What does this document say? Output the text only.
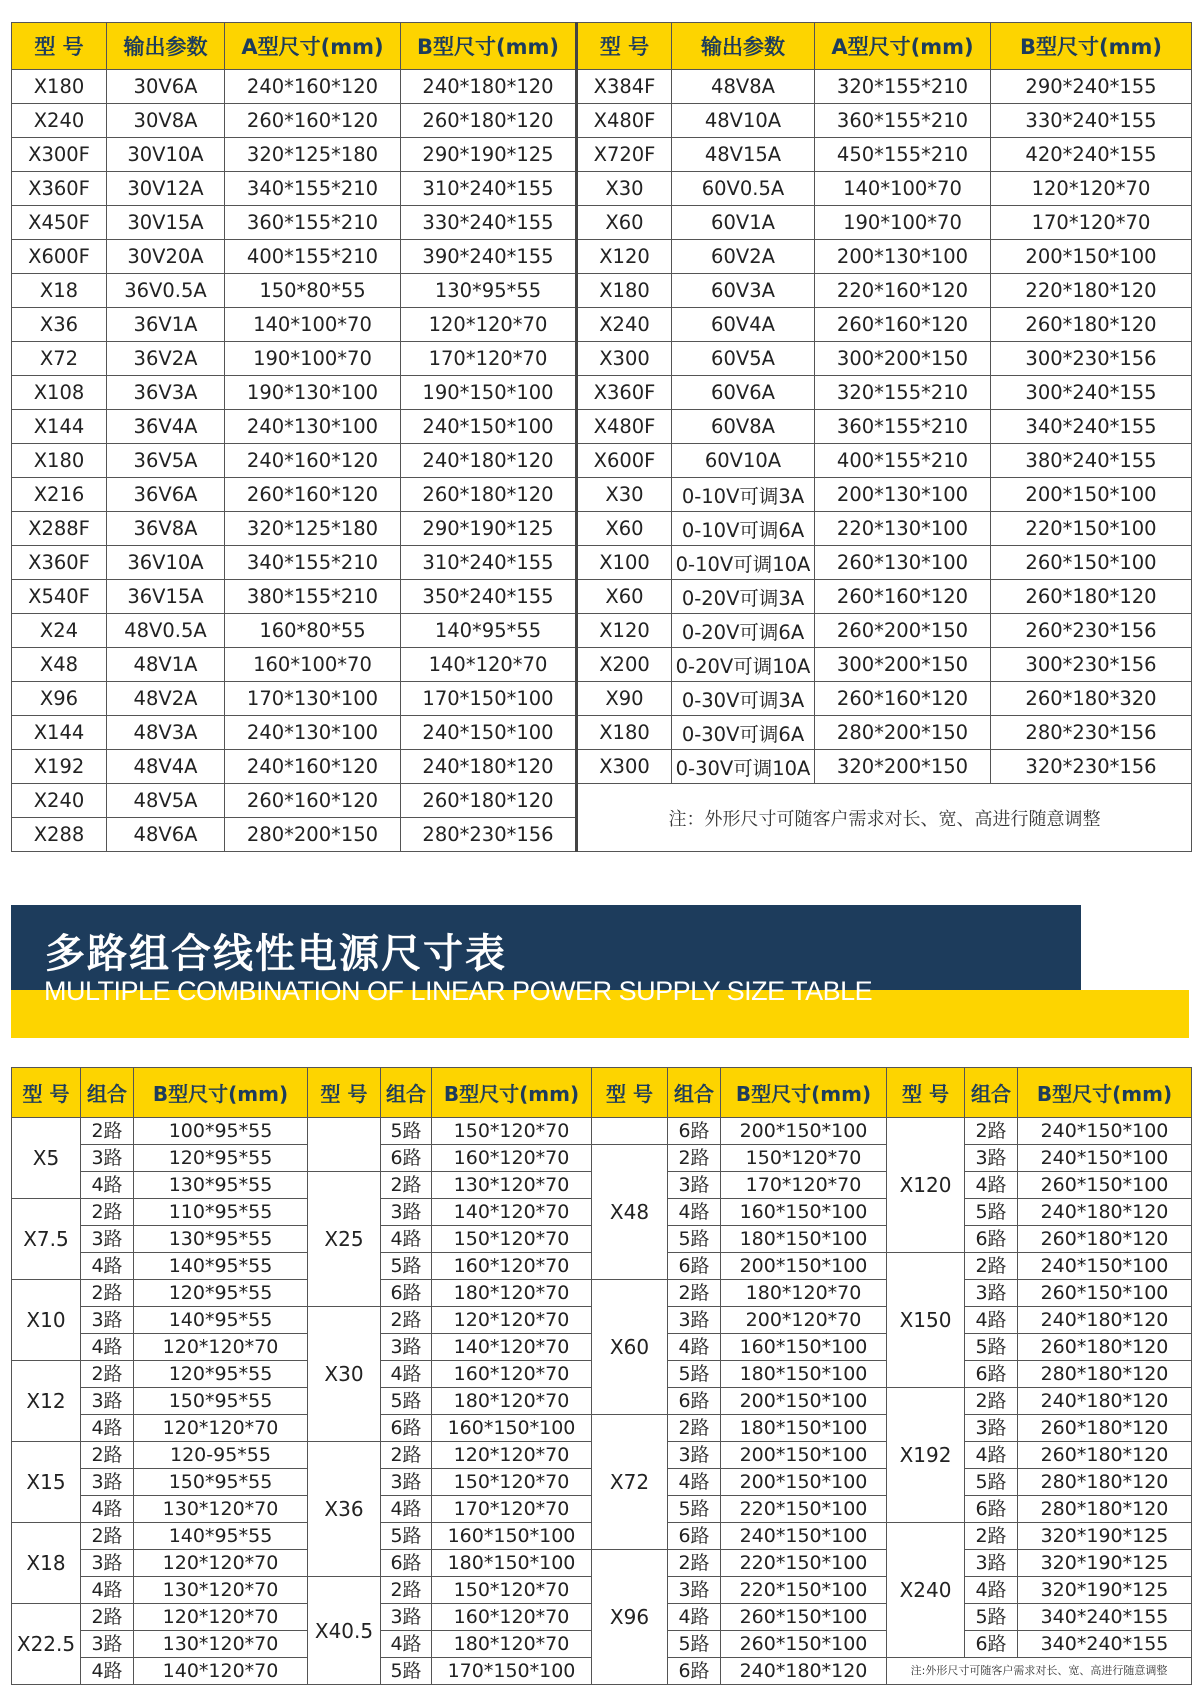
型 号	输出参数	A型尺寸(mm)	B型尺寸(mm)	型 号	输出参数	A型尺寸(mm)	B型尺寸(mm)
X180	30V6A	240*160*120	240*180*120	X384F	48V8A	320*155*210	290*240*155
X240	30V8A	260*160*120	260*180*120	X480F	48V10A	360*155*210	330*240*155
X300F	30V10A	320*125*180	290*190*125	X720F	48V15A	450*155*210	420*240*155
X360F	30V12A	340*155*210	310*240*155	X30	60V0.5A	140*100*70	120*120*70
X450F	30V15A	360*155*210	330*240*155	X60	60V1A	190*100*70	170*120*70
X600F	30V20A	400*155*210	390*240*155	X120	60V2A	200*130*100	200*150*100
X18	36V0.5A	150*80*55	130*95*55	X180	60V3A	220*160*120	220*180*120
X36	36V1A	140*100*70	120*120*70	X240	60V4A	260*160*120	260*180*120
X72	36V2A	190*100*70	170*120*70	X300	60V5A	300*200*150	300*230*156
X108	36V3A	190*130*100	190*150*100	X360F	60V6A	320*155*210	300*240*155
X144	36V4A	240*130*100	240*150*100	X480F	60V8A	360*155*210	340*240*155
X180	36V5A	240*160*120	240*180*120	X600F	60V10A	400*155*210	380*240*155
X216	36V6A	260*160*120	260*180*120	X30	0-10V可调3A	200*130*100	200*150*100
X288F	36V8A	320*125*180	290*190*125	X60	0-10V可调6A	220*130*100	220*150*100
X360F	36V10A	340*155*210	310*240*155	X100	0-10V可调10A	260*130*100	260*150*100
X540F	36V15A	380*155*210	350*240*155	X60	0-20V可调3A	260*160*120	260*180*120
X24	48V0.5A	160*80*55	140*95*55	X120	0-20V可调6A	260*200*150	260*230*156
X48	48V1A	160*100*70	140*120*70	X200	0-20V可调10A	300*200*150	300*230*156
X96	48V2A	170*130*100	170*150*100	X90	0-30V可调3A	260*160*120	260*180*320
X144	48V3A	240*130*100	240*150*100	X180	0-30V可调6A	280*200*150	280*230*156
X192	48V4A	240*160*120	240*180*120	X300	0-30V可调10A	320*200*150	320*230*156
X240	48V5A	260*160*120	260*180*120	注：外形尺寸可随客户需求对长、宽、高进行随意调整			
X288	48V6A	280*200*150	280*230*156				
多路组合线性电源尺寸表
MULTIPLE COMBINATION OF LINEAR POWER SUPPLY SIZE TABLE
型 号	组合	B型尺寸(mm)	型 号	组合	B型尺寸(mm)	型 号	组合	B型尺寸(mm)	型 号	组合	B型尺寸(mm)
X5	2路	100*95*55		5路	150*120*70		6路	200*150*100	X120	2路	240*150*100
	3路	120*95*55		6路	160*120*70	X48	2路	150*120*70		3路	240*150*100
	4路	130*95*55	X25	2路	130*120*70		3路	170*120*70		4路	260*150*100
X7.5	2路	110*95*55		3路	140*120*70		4路	160*150*100		5路	240*180*120
	3路	130*95*55		4路	150*120*70		5路	180*150*100		6路	260*180*120
	4路	140*95*55		5路	160*120*70		6路	200*150*100	X150	2路	240*150*100
X10	2路	120*95*55		6路	180*120*70	X60	2路	180*120*70		3路	260*150*100
	3路	140*95*55	X30	2路	120*120*70		3路	200*120*70		4路	240*180*120
	4路	120*120*70		3路	140*120*70		4路	160*150*100		5路	260*180*120
X12	2路	120*95*55		4路	160*120*70		5路	180*150*100		6路	280*180*120
	3路	150*95*55		5路	180*120*70		6路	200*150*100	X192	2路	240*180*120
	4路	120*120*70		6路	160*150*100	X72	2路	180*150*100		3路	260*180*120
X15	2路	120-95*55	X36	2路	120*120*70		3路	200*150*100		4路	260*180*120
	3路	150*95*55		3路	150*120*70		4路	200*150*100		5路	280*180*120
	4路	130*120*70		4路	170*120*70		5路	220*150*100		6路	280*180*120
X18	2路	140*95*55		5路	160*150*100		6路	240*150*100	X240	2路	320*190*125
	3路	120*120*70		6路	180*150*100	X96	2路	220*150*100		3路	320*190*125
	4路	130*120*70	X40.5	2路	150*120*70		3路	220*150*100		4路	320*190*125
X22.5	2路	120*120*70		3路	160*120*70		4路	260*150*100		5路	340*240*155
	3路	130*120*70		4路	180*120*70		5路	260*150*100		6路	340*240*155
	4路	140*120*70		5路	170*150*100		6路	240*180*120	注:外形尺寸可随客户需求对长、宽、高进行随意调整		
